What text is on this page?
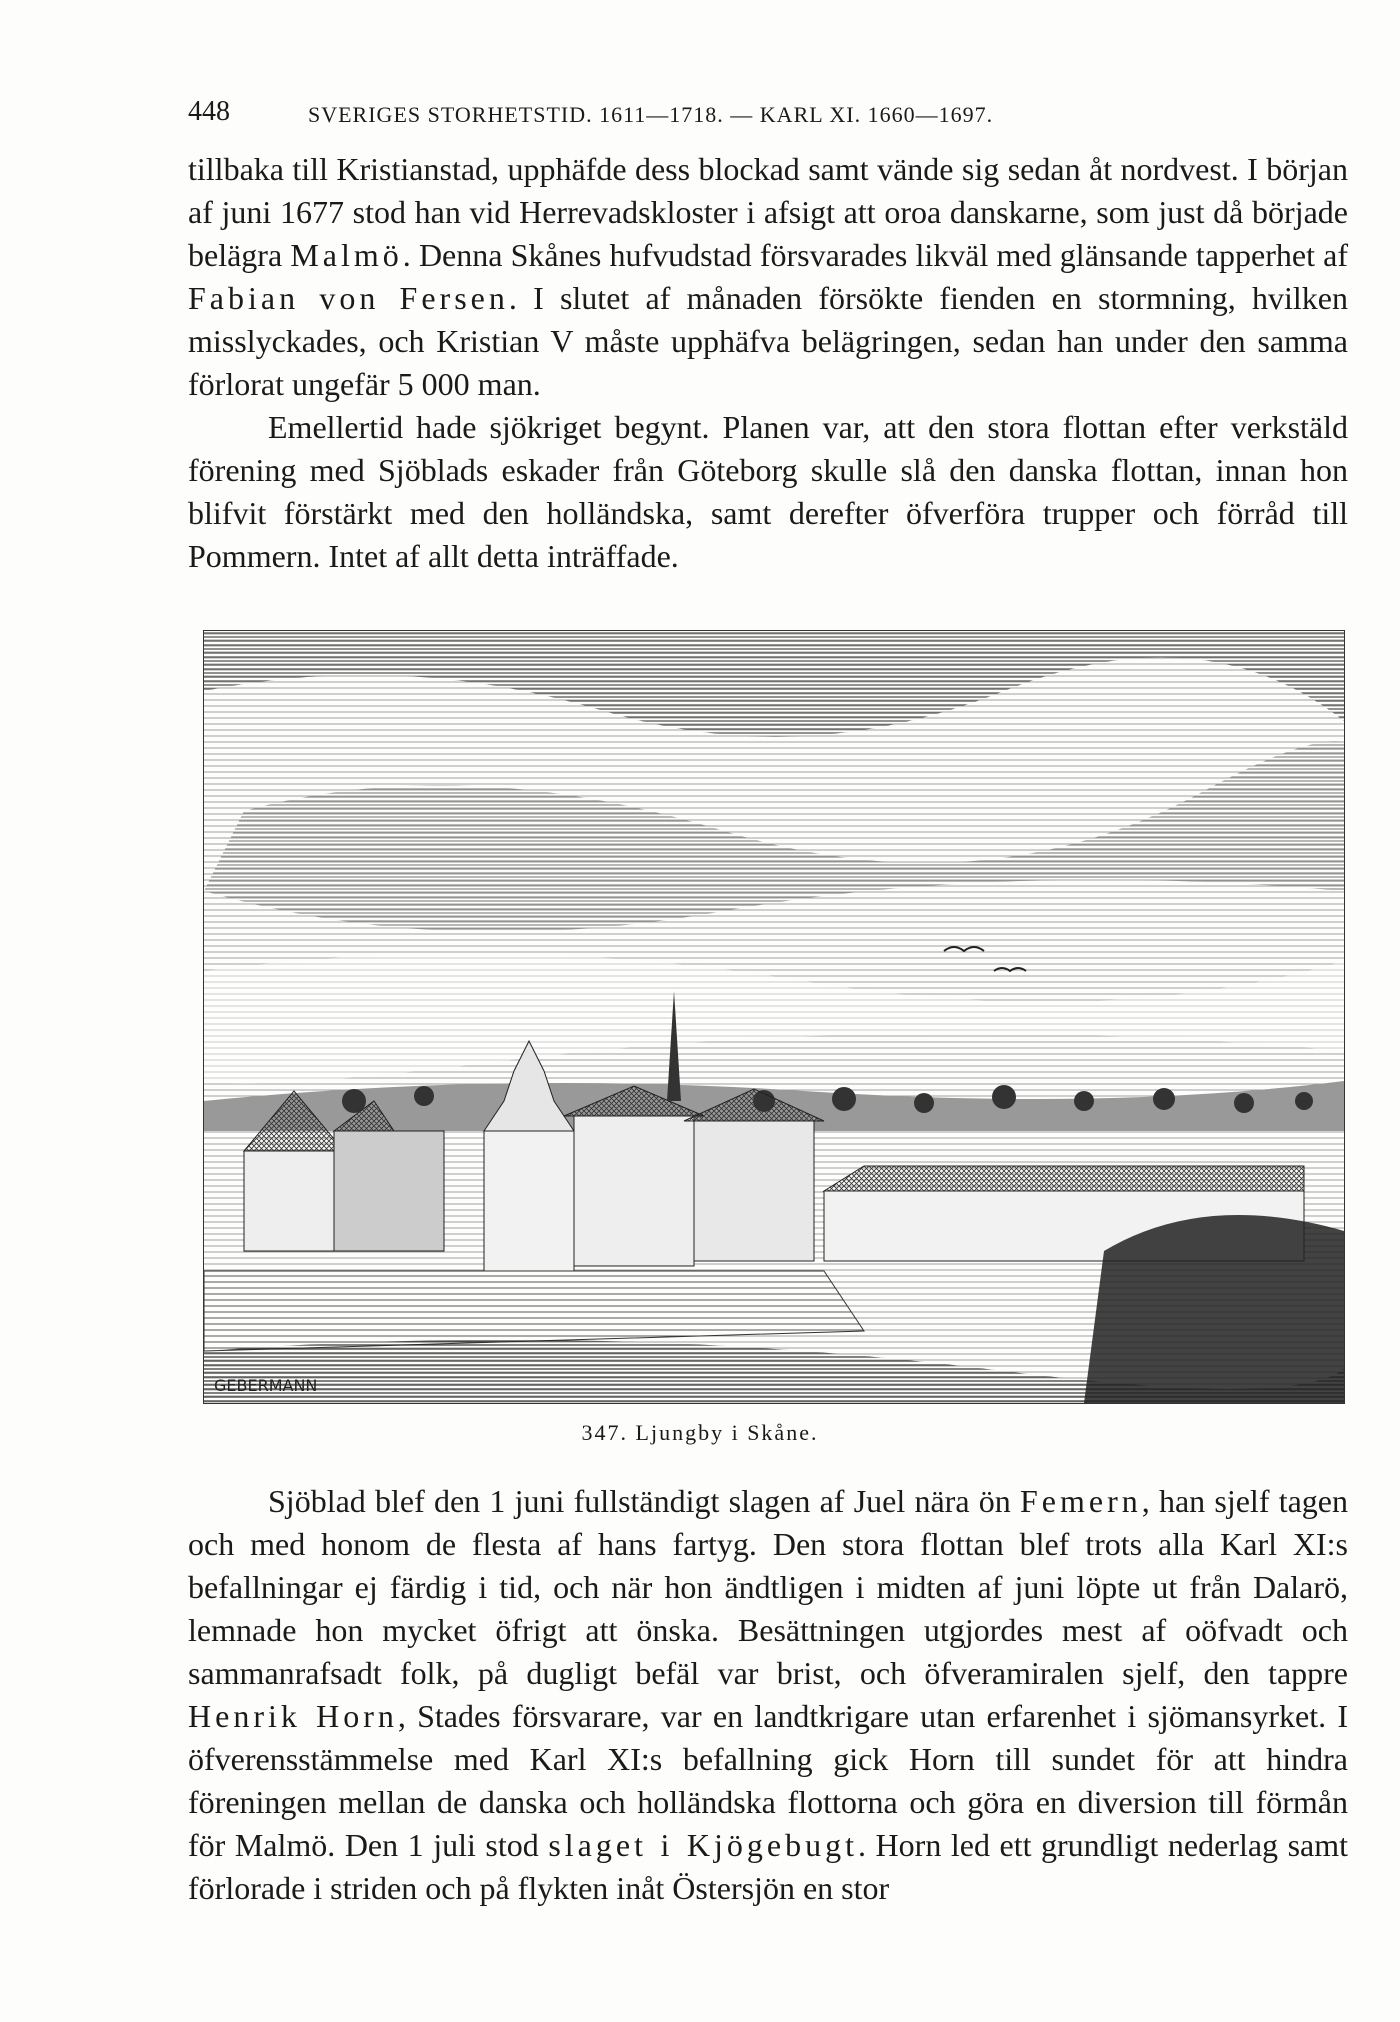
448	SVERIGES STORHETSTID. 1611—1718. — KARL XI. 1660—1697.

tillbaka till Kristianstad, upphäfde dess blockad samt vände sig sedan åt nordvest. I början af juni 1677 stod han vid Herrevadskloster i afsigt att oroa danskarne, som just då började belägra Malmö. Denna Skånes hufvudstad försvarades likväl med glänsande tapperhet af Fabian von Fersen. I slutet af månaden försökte fienden en stormning, hvilken misslyckades, och Kristian V måste upphäfva belägringen, sedan han under den samma förlorat ungefär 5 000 man.

Emellertid hade sjökriget begynt. Planen var, att den stora flottan efter verkstäld förening med Sjöblads eskader från Göteborg skulle slå den danska flottan, innan hon blifvit förstärkt med den holländska, samt derefter öfverföra trupper och förråd till Pommern. Intet af allt detta inträffade.

GEBERMANN
347. Ljungby i Skåne.

Sjöblad blef den 1 juni fullständigt slagen af Juel nära ön Femern, han sjelf tagen och med honom de flesta af hans fartyg. Den stora flottan blef trots alla Karl XI:s befallningar ej färdig i tid, och när hon ändtligen i midten af juni löpte ut från Dalarö, lemnade hon mycket öfrigt att önska. Besättningen utgjordes mest af oöfvadt och sammanrafsadt folk, på dugligt befäl var brist, och öfveramiralen sjelf, den tappre Henrik Horn, Stades försvarare, var en landtkrigare utan erfarenhet i sjömansyrket. I öfverensstämmelse med Karl XI:s befallning gick Horn till sundet för att hindra föreningen mellan de danska och holländska flottorna och göra en diversion till förmån för Malmö. Den 1 juli stod slaget i Kjögebugt. Horn led ett grundligt nederlag samt förlorade i striden och på flykten inåt Östersjön en stor
